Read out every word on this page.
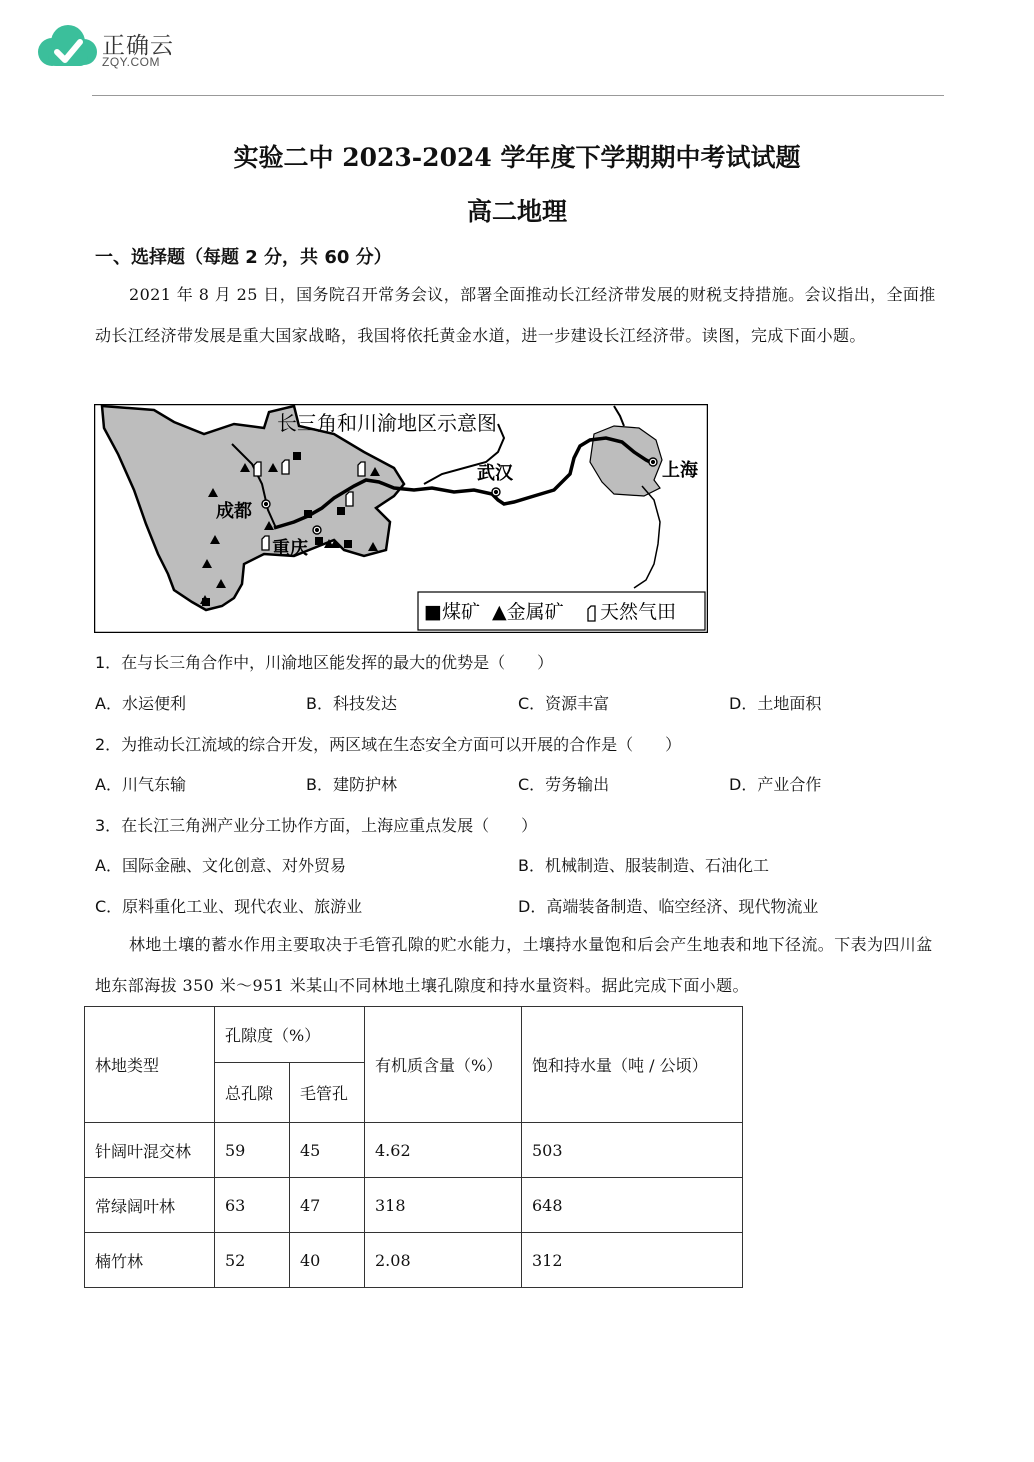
正确云
ZQY.COM
实验二中 2023-2024 学年度下学期期中考试试题
高二地理
一、选择题（每题 2 分，共 60 分）
2021 年 8 月 25 日，国务院召开常务会议，部署全面推动长江经济带发展的财税支持措施。会议指出，全面推动长江经济带发展是重大国家战略，我国将依托黄金水道，进一步建设长江经济带。读图，完成下面小题。
长三角和川渝地区示意图
成都
重庆
武汉	上海
■煤矿 ▲金属矿 天然气田
1．在与长三角合作中，川渝地区能发挥的最大的优势是（　　）
A．水运便利	B．科技发达	C．资源丰富	D．土地面积
2．为推动长江流域的综合开发，两区域在生态安全方面可以开展的合作是（　　）
A．川气东输	B．建防护林	C．劳务输出	D．产业合作
3．在长江三角洲产业分工协作方面，上海应重点发展（　　）
A．国际金融、文化创意、对外贸易	B．机械制造、服装制造、石油化工
C．原料重化工业、现代农业、旅游业	D．高端装备制造、临空经济、现代物流业
林地土壤的蓄水作用主要取决于毛管孔隙的贮水能力，土壤持水量饱和后会产生地表和地下径流。下表为四川盆地东部海拔 350 米～951 米某山不同林地土壤孔隙度和持水量资料。据此完成下面小题。
林地类型	孔隙度（%）		有机质含量（%）	饱和持水量（吨 / 公顷）
	总孔隙	毛管孔		
针阔叶混交林	59	45	4.62	503
常绿阔叶林	63	47	318	648
楠竹林	52	40	2.08	312
